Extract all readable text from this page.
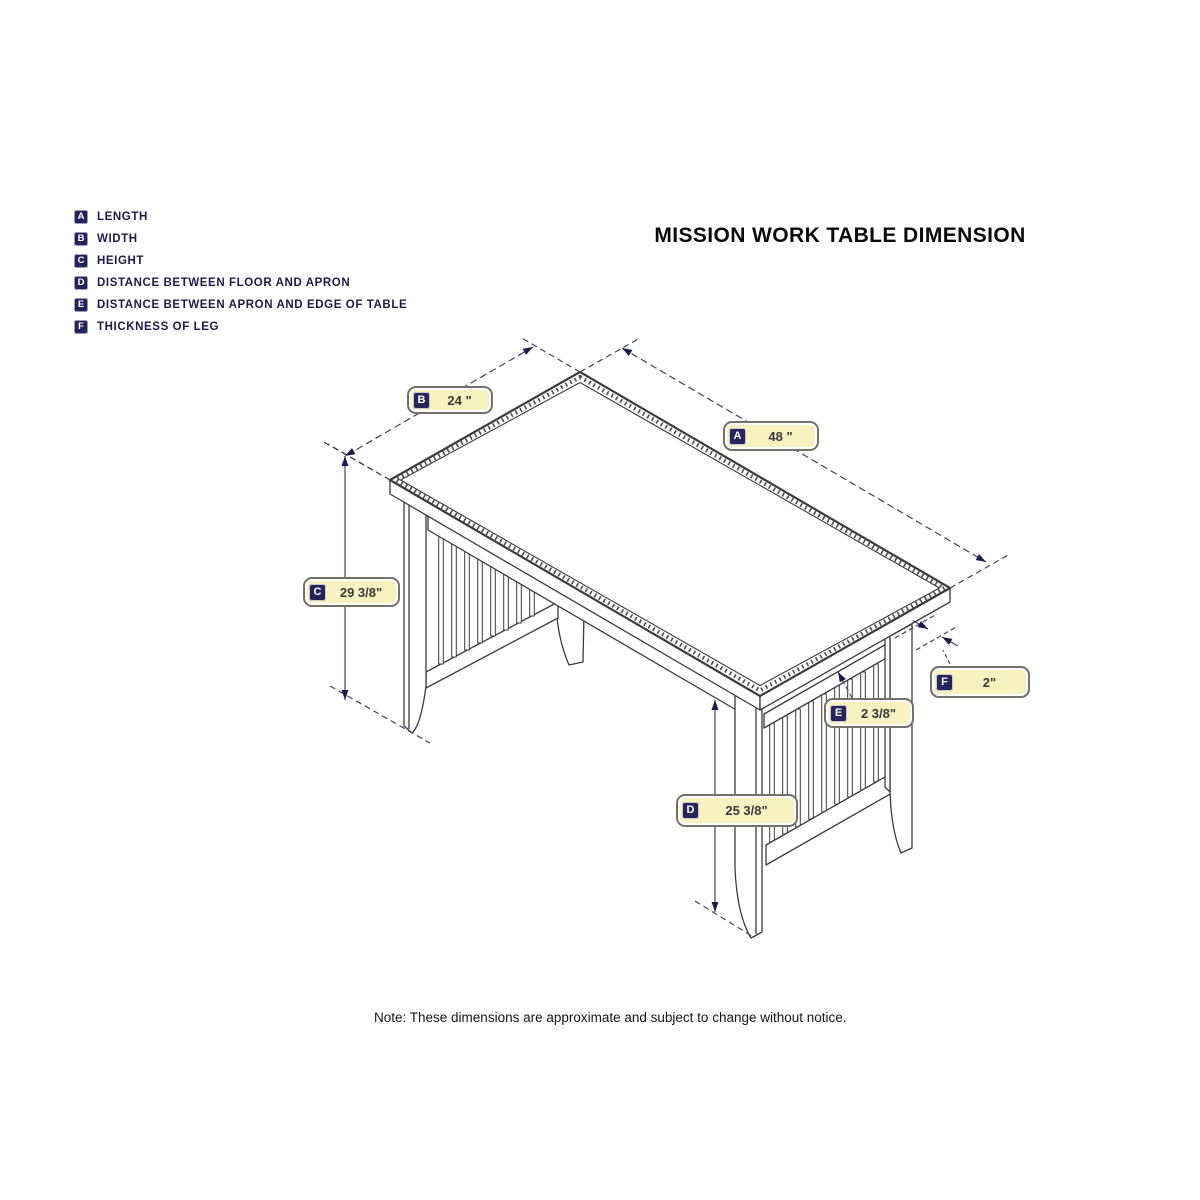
A	LENGTH
B	WIDTH
C	HEIGHT
D	DISTANCE BETWEEN FLOOR AND APRON
E	DISTANCE BETWEEN APRON AND EDGE OF TABLE
F	THICKNESS OF LEG
MISSION WORK TABLE DIMENSION
Note: These dimensions are approximate and subject to change without notice.
B	24 "
A	48 "
C	29 3/8"
F	2"
E	2 3/8"
D	25 3/8"
